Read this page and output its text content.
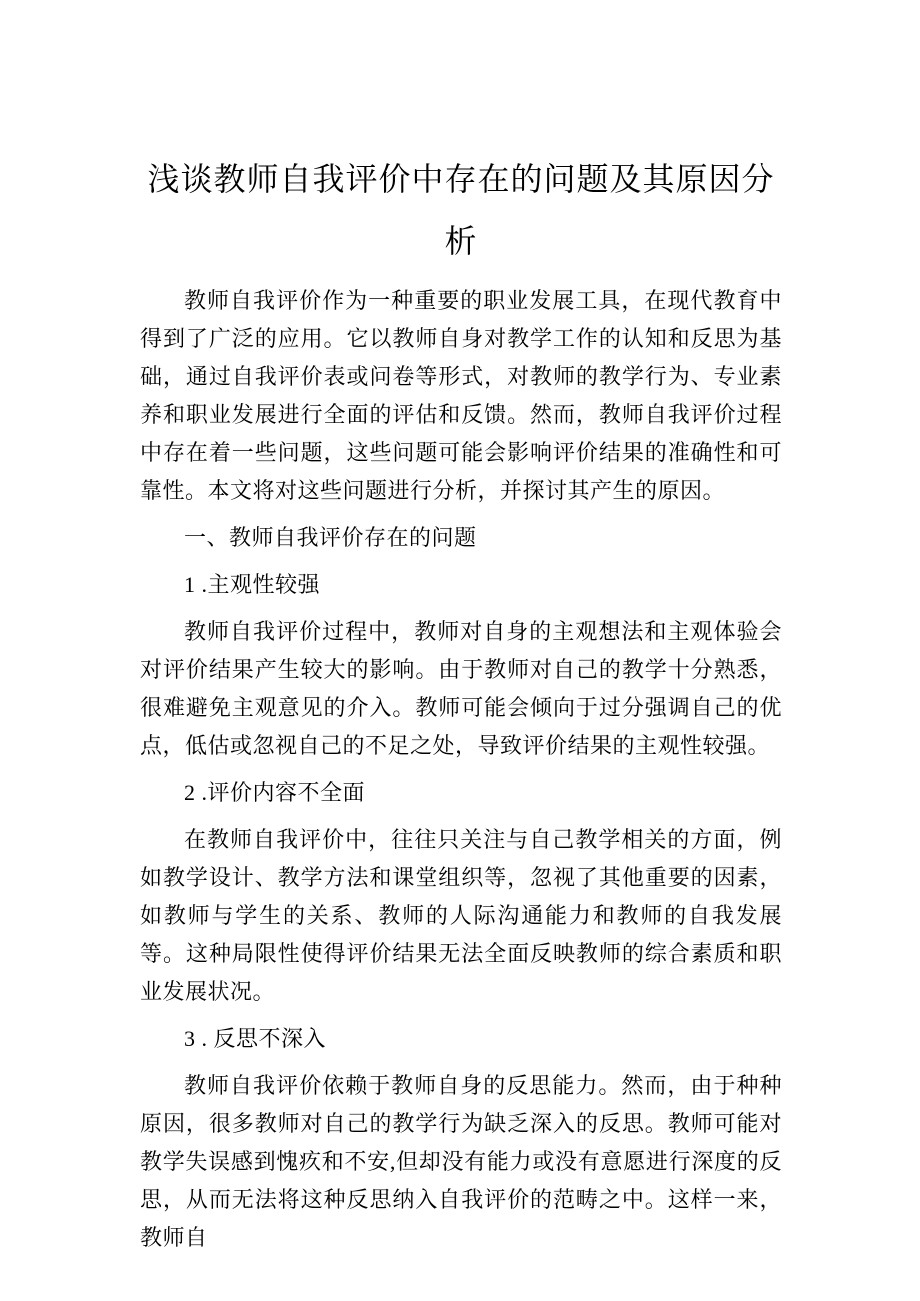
浅谈教师自我评价中存在的问题及其原因分析

教师自我评价作为一种重要的职业发展工具，在现代教育中得到了广泛的应用。它以教师自身对教学工作的认知和反思为基础，通过自我评价表或问卷等形式，对教师的教学行为、专业素养和职业发展进行全面的评估和反馈。然而，教师自我评价过程中存在着一些问题，这些问题可能会影响评价结果的准确性和可靠性。本文将对这些问题进行分析，并探讨其产生的原因。

一、教师自我评价存在的问题

1 .主观性较强

教师自我评价过程中，教师对自身的主观想法和主观体验会对评价结果产生较大的影响。由于教师对自己的教学十分熟悉，很难避免主观意见的介入。教师可能会倾向于过分强调自己的优点，低估或忽视自己的不足之处，导致评价结果的主观性较强。

2 .评价内容不全面

在教师自我评价中，往往只关注与自己教学相关的方面，例如教学设计、教学方法和课堂组织等，忽视了其他重要的因素，如教师与学生的关系、教师的人际沟通能力和教师的自我发展等。这种局限性使得评价结果无法全面反映教师的综合素质和职业发展状况。

3 . 反思不深入

教师自我评价依赖于教师自身的反思能力。然而，由于种种原因，很多教师对自己的教学行为缺乏深入的反思。教师可能对教学失误感到愧疚和不安,但却没有能力或没有意愿进行深度的反思，从而无法将这种反思纳入自我评价的范畴之中。这样一来，教师自
